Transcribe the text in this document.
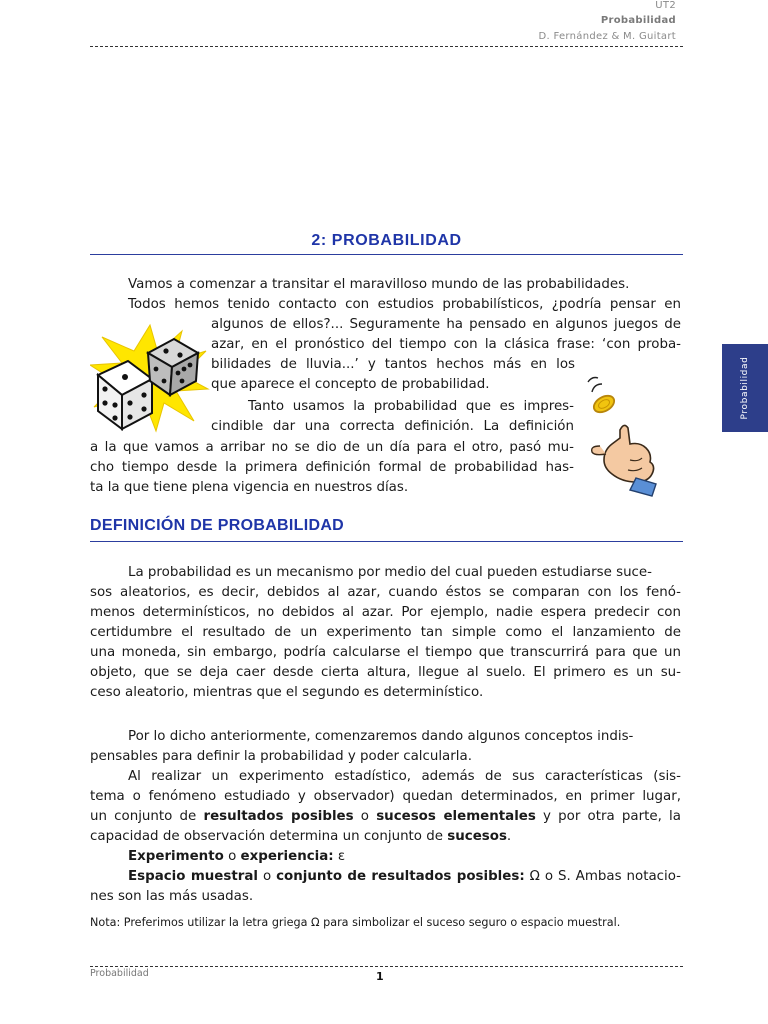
UT2
Probabilidad
D. Fernández & M. Guitart
Probabilidad
2: PROBABILIDAD
Vamos a comenzar a transitar el maravilloso mundo de las probabilidades.
Todos hemos tenido contacto con estudios probabilísticos, ¿podría pensar en
algunos de ellos?... Seguramente ha pensado en algunos juegos de
azar, en el pronóstico del tiempo con la clásica frase: ‘con proba-
bilidades de lluvia...’ y tantos hechos más en los
que aparece el concepto de probabilidad.
Tanto usamos la probabilidad que es impres-
cindible dar una correcta definición. La definición
a la que vamos a arribar no se dio de un día para el otro, pasó mu-
cho tiempo desde la primera definición formal de probabilidad has-
ta la que tiene plena vigencia en nuestros días.
DEFINICIÓN DE PROBABILIDAD
La probabilidad es un mecanismo por medio del cual pueden estudiarse suce-
sos aleatorios, es decir, debidos al azar, cuando éstos se comparan con los fenó-
menos determinísticos, no debidos al azar. Por ejemplo, nadie espera predecir con
certidumbre el resultado de un experimento tan simple como el lanzamiento de
una moneda, sin embargo, podría calcularse el tiempo que transcurrirá para que un
objeto, que se deja caer desde cierta altura, llegue al suelo. El primero es un su-
ceso aleatorio, mientras que el segundo es determinístico.
Por lo dicho anteriormente, comenzaremos dando algunos conceptos indis-
pensables para definir la probabilidad y poder calcularla.
Al realizar un experimento estadístico, además de sus características (sis-
tema o fenómeno estudiado y observador) quedan determinados, en primer lugar,
un conjunto de resultados posibles o sucesos elementales y por otra parte, la
capacidad de observación determina un conjunto de sucesos.
Experimento o experiencia: ε
Espacio muestral o conjunto de resultados posibles: Ω o S. Ambas notacio-
nes son las más usadas.
Nota: Preferimos utilizar la letra griega Ω para simbolizar el suceso seguro o espacio muestral.
Probabilidad	1
